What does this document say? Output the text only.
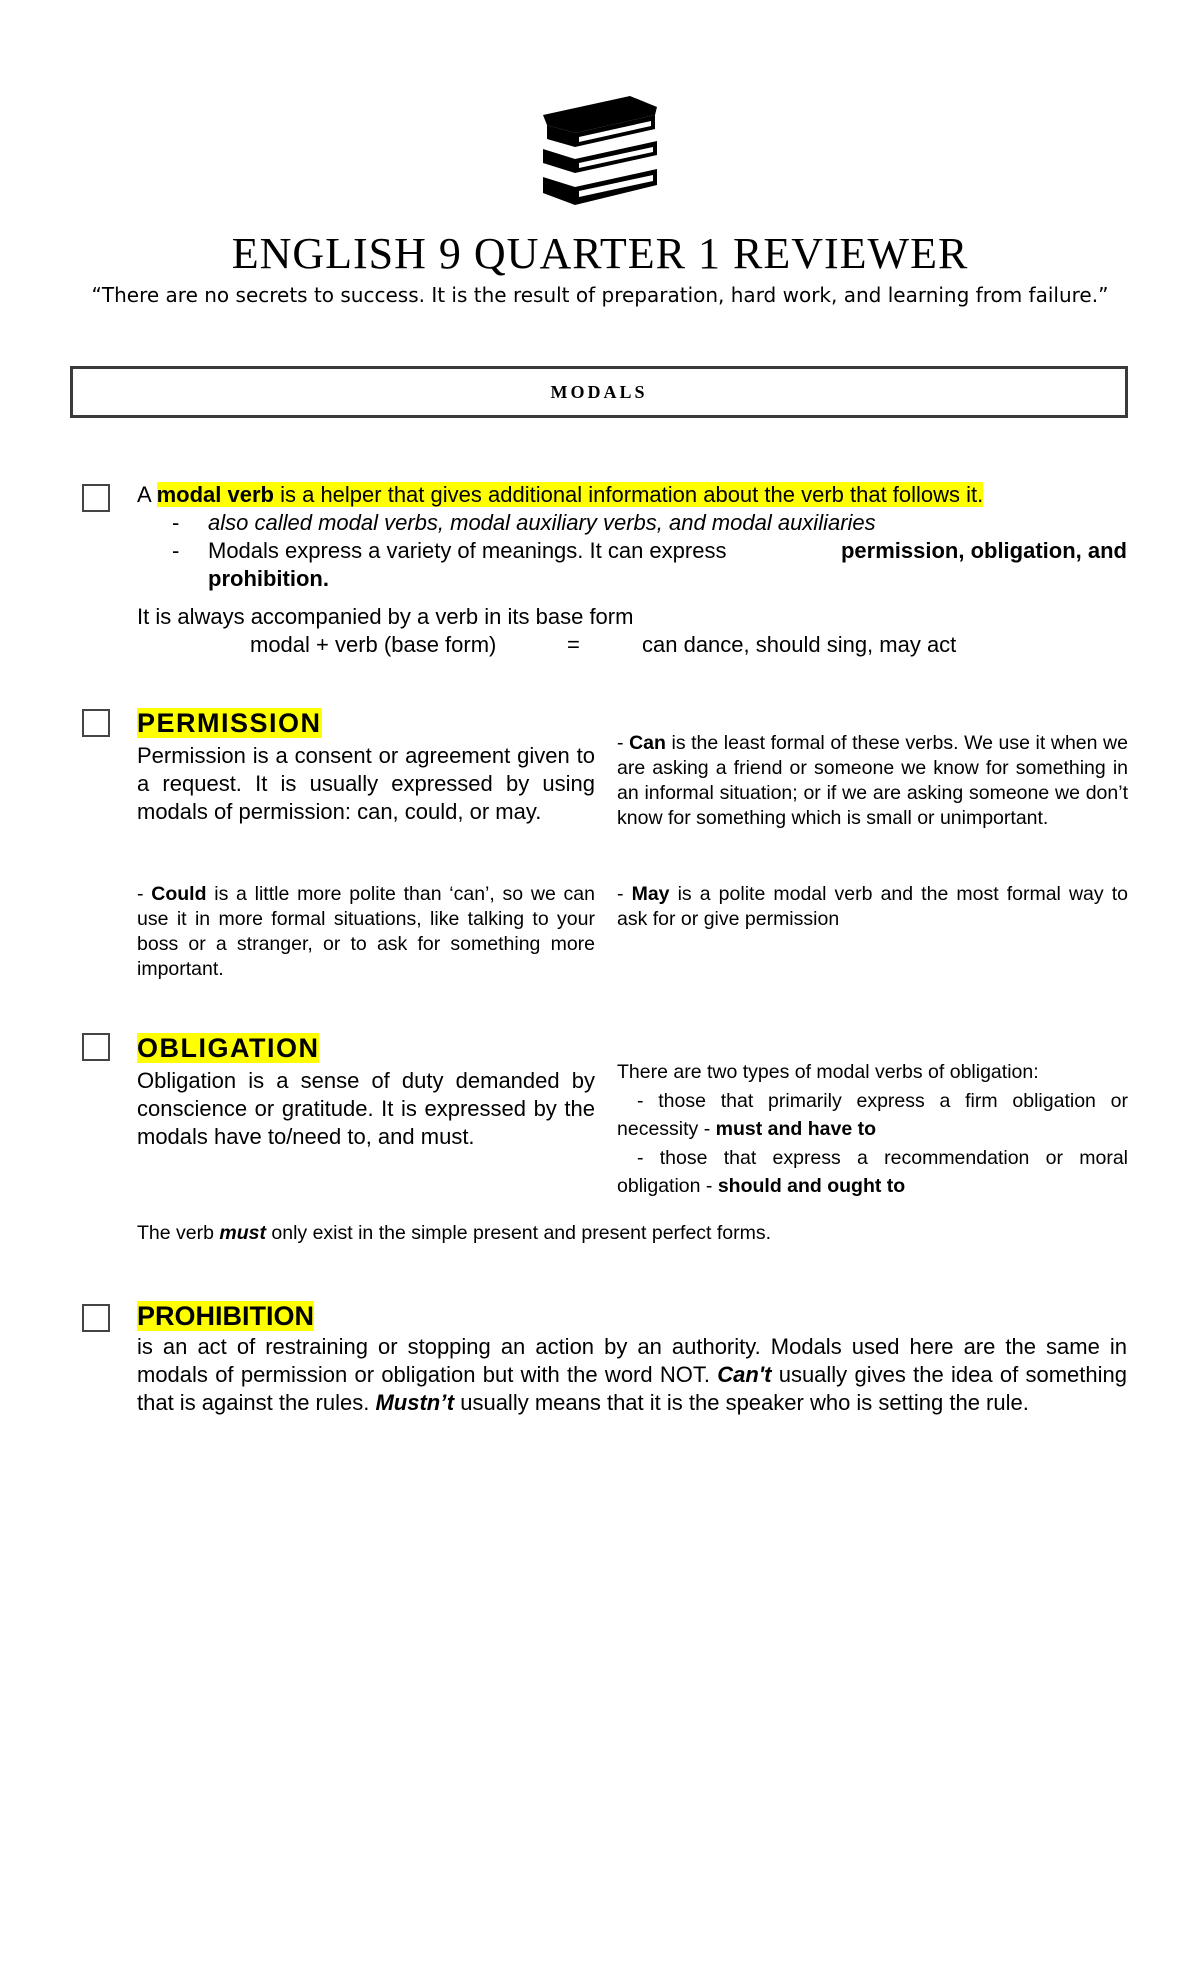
ENGLISH 9 QUARTER 1 REVIEWER
“There are no secrets to success. It is the result of preparation, hard work, and learning from failure.”
MODALS
A modal verb is a helper that gives additional information about the verb that follows it.
- also called modal verbs, modal auxiliary verbs, and modal auxiliaries
- Modals express a variety of meanings. It can express	permission, obligation, and
prohibition.
It is always accompanied by a verb in its base form
modal + verb (base form)	=	can dance, should sing, may act
PERMISSION
Permission is a consent or agreement given to a request. It is usually expressed by using modals of permission: can, could, or may.
- Could is a little more polite than ‘can’, so we can use it in more formal situations, like talking to your boss or a stranger, or to ask for something more important.
- Can is the least formal of these verbs. We use it when we are asking a friend or someone we know for something in an informal situation; or if we are asking someone we don’t know for something which is small or unimportant.
- May is a polite modal verb and the most formal way to ask for or give permission
OBLIGATION
Obligation is a sense of duty demanded by conscience or gratitude. It is expressed by the modals have to/need to, and must.
There are two types of modal verbs of obligation:
- those that primarily express a firm obligation or necessity - must and have to
- those that express a recommendation or moral obligation - should and ought to
The verb must only exist in the simple present and present perfect forms.
PROHIBITION
is an act of restraining or stopping an action by an authority. Modals used here are the same in modals of permission or obligation but with the word NOT. Can't usually gives the idea of something that is against the rules. Mustn’t usually means that it is the speaker who is setting the rule.
